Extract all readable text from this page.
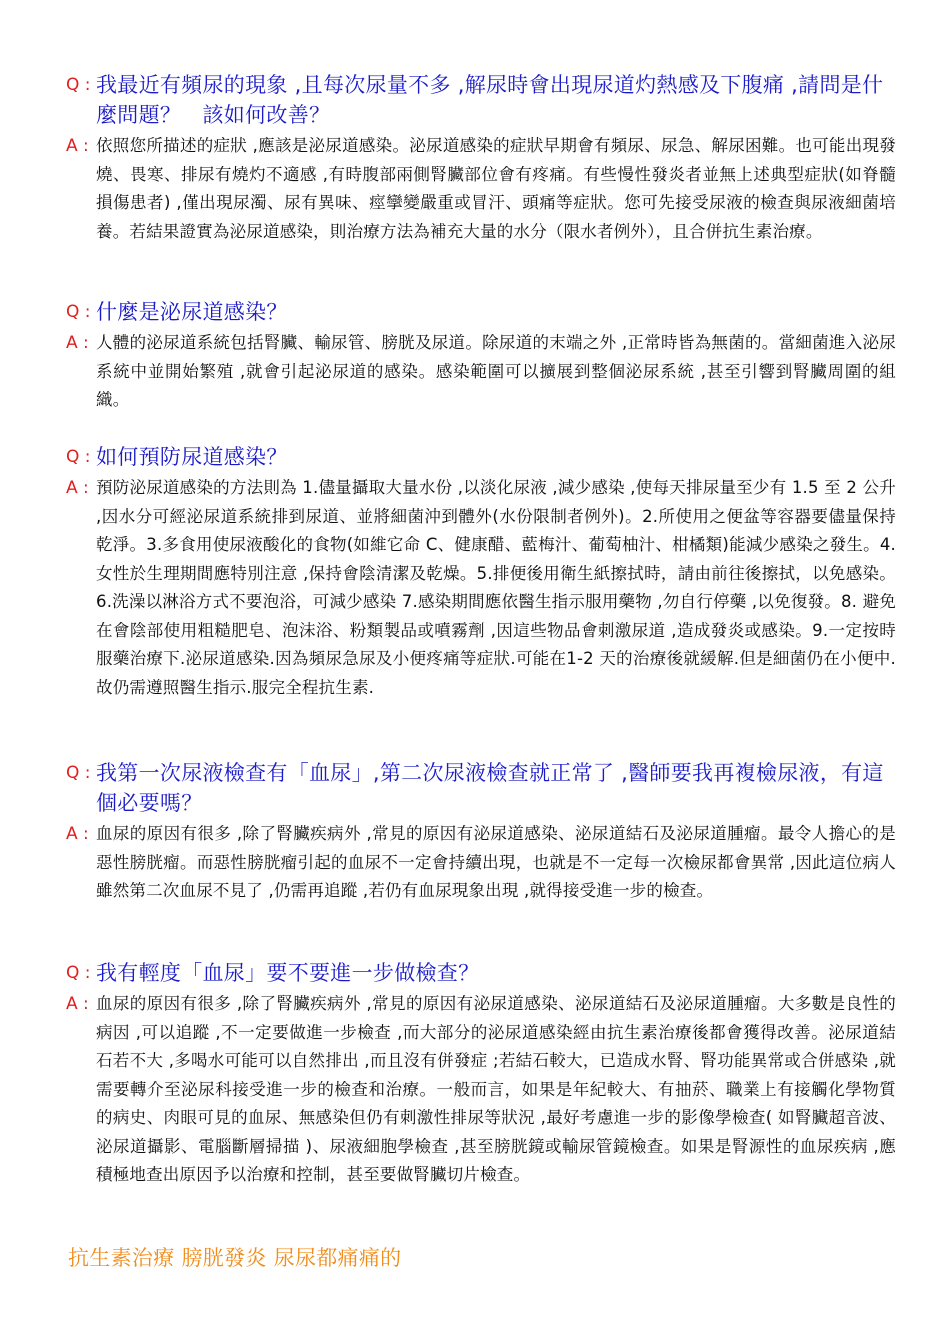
Q : 我最近有頻尿的現象 ,且每次尿量不多 ,解尿時會出現尿道灼熱感及下腹痛 ,請問是什麼問題？　該如何改善？
A : 依照您所描述的症狀 ,應該是泌尿道感染。泌尿道感染的症狀早期會有頻尿、尿急、解尿困難。也可能出現發燒、畏寒、排尿有燒灼不適感 ,有時腹部兩側腎臟部位會有疼痛。有些慢性發炎者並無上述典型症狀(如脊髓損傷患者) ,僅出現尿濁、尿有異味、痙攣變嚴重或冒汗、頭痛等症狀。您可先接受尿液的檢查與尿液細菌培養。若結果證實為泌尿道感染，則治療方法為補充大量的水分（限水者例外），且合併抗生素治療。
Q : 什麼是泌尿道感染？
A : 人體的泌尿道系統包括腎臟、輸尿管、膀胱及尿道。除尿道的末端之外 ,正常時皆為無菌的。當細菌進入泌尿系統中並開始繁殖 ,就會引起泌尿道的感染。感染範圍可以擴展到整個泌尿系統 ,甚至引響到腎臟周圍的組織。
Q : 如何預防尿道感染？
A : 預防泌尿道感染的方法則為 1.儘量攝取大量水份 ,以淡化尿液 ,減少感染 ,使每天排尿量至少有 1.5 至 2 公升 ,因水分可經泌尿道系統排到尿道、並將細菌沖到體外(水份限制者例外)。2.所使用之便盆等容器要儘量保持乾淨。3.多食用使尿液酸化的食物(如維它命 C、健康醋、藍梅汁、葡萄柚汁、柑橘類)能減少感染之發生。4.女性於生理期間應特別注意 ,保持會陰清潔及乾燥。5.排便後用衛生紙擦拭時，請由前往後擦拭，以免感染。 6.洗澡以淋浴方式不要泡浴，可減少感染 7.感染期間應依醫生指示服用藥物 ,勿自行停藥 ,以免復發。8. 避免在會陰部使用粗糙肥皂、泡沫浴、粉類製品或噴霧劑 ,因這些物品會刺激尿道 ,造成發炎或感染。9.一定按時服藥治療下.泌尿道感染.因為頻尿急尿及小便疼痛等症狀.可能在1-2 天的治療後就緩解.但是細菌仍在小便中.故仍需遵照醫生指示.服完全程抗生素.
Q : 我第一次尿液檢查有「血尿」,第二次尿液檢查就正常了 ,醫師要我再複檢尿液，有這個必要嗎？
A : 血尿的原因有很多 ,除了腎臟疾病外 ,常見的原因有泌尿道感染、泌尿道結石及泌尿道腫瘤。最令人擔心的是惡性膀胱瘤。而惡性膀胱瘤引起的血尿不一定會持續出現，也就是不一定每一次檢尿都會異常 ,因此這位病人雖然第二次血尿不見了 ,仍需再追蹤 ,若仍有血尿現象出現 ,就得接受進一步的檢查。
Q : 我有輕度「血尿」要不要進一步做檢查？
A : 血尿的原因有很多 ,除了腎臟疾病外 ,常見的原因有泌尿道感染、泌尿道結石及泌尿道腫瘤。大多數是良性的病因 ,可以追蹤 ,不一定要做進一步檢查 ,而大部分的泌尿道感染經由抗生素治療後都會獲得改善。泌尿道結石若不大 ,多喝水可能可以自然排出 ,而且沒有併發症 ;若結石較大，已造成水腎、腎功能異常或合併感染 ,就需要轉介至泌尿科接受進一步的檢查和治療。一般而言，如果是年紀較大、有抽菸、職業上有接觸化學物質的病史、肉眼可見的血尿、無感染但仍有刺激性排尿等狀況 ,最好考慮進一步的影像學檢查( 如腎臟超音波、泌尿道攝影、電腦斷層掃描 )、尿液細胞學檢查 ,甚至膀胱鏡或輸尿管鏡檢查。如果是腎源性的血尿疾病 ,應積極地查出原因予以治療和控制，甚至要做腎臟切片檢查。
抗生素治療 膀胱發炎 尿尿都痛痛的
